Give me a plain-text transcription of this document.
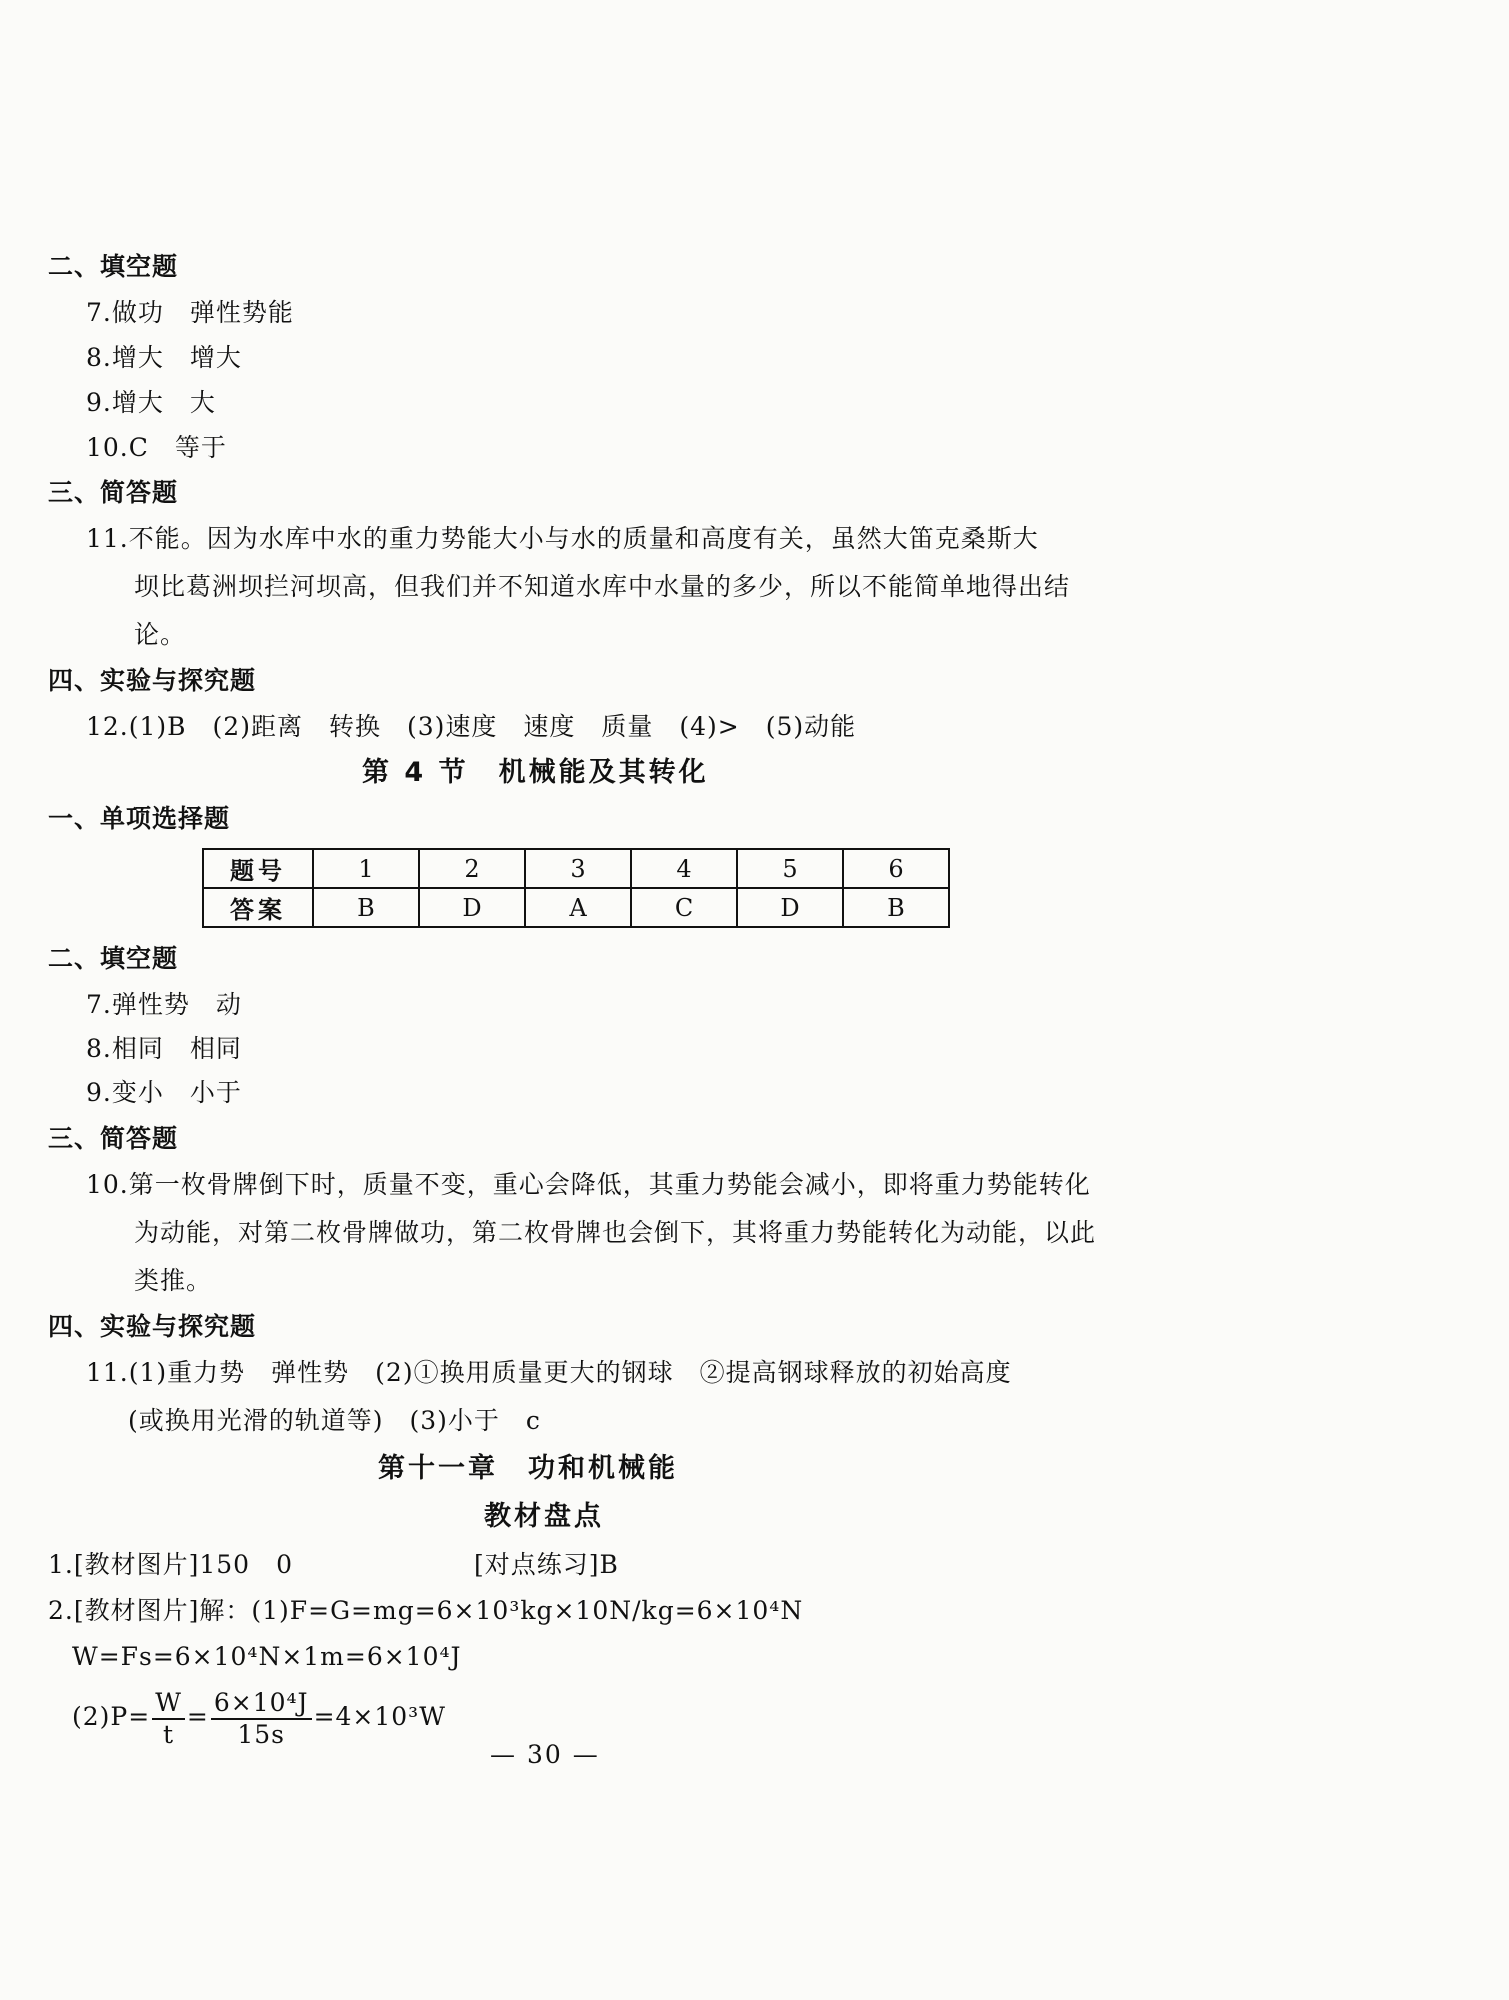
二、填空题
7.做功　弹性势能
8.增大　增大
9.增大　大
10.C　等于
三、简答题
11.不能。因为水库中水的重力势能大小与水的质量和高度有关，虽然大笛克桑斯大
坝比葛洲坝拦河坝高，但我们并不知道水库中水量的多少，所以不能简单地得出结
论。
四、实验与探究题
12.(1)B　(2)距离　转换　(3)速度　速度　质量　(4)>　(5)动能
第 4 节　机械能及其转化
一、单项选择题
题号	1	2	3	4	5	6
答案	B	D	A	C	D	B
二、填空题
7.弹性势　动
8.相同　相同
9.变小　小于
三、简答题
10.第一枚骨牌倒下时，质量不变，重心会降低，其重力势能会减小，即将重力势能转化
为动能，对第二枚骨牌做功，第二枚骨牌也会倒下，其将重力势能转化为动能，以此
类推。
四、实验与探究题
11.(1)重力势　弹性势　(2)①换用质量更大的钢球　②提高钢球释放的初始高度
(或换用光滑的轨道等)　(3)小于　c
第十一章　功和机械能
教材盘点
1.[教材图片]150　0	[对点练习]B
2.[教材图片]解：(1)F=G=mg=6×10³kg×10N/kg=6×10⁴N
W=Fs=6×10⁴N×1m=6×10⁴J
$(2)P= \frac{W}{t} = \frac{\text{6×10⁴J}}{15s} =4\times 10^3W$
— 30 —
